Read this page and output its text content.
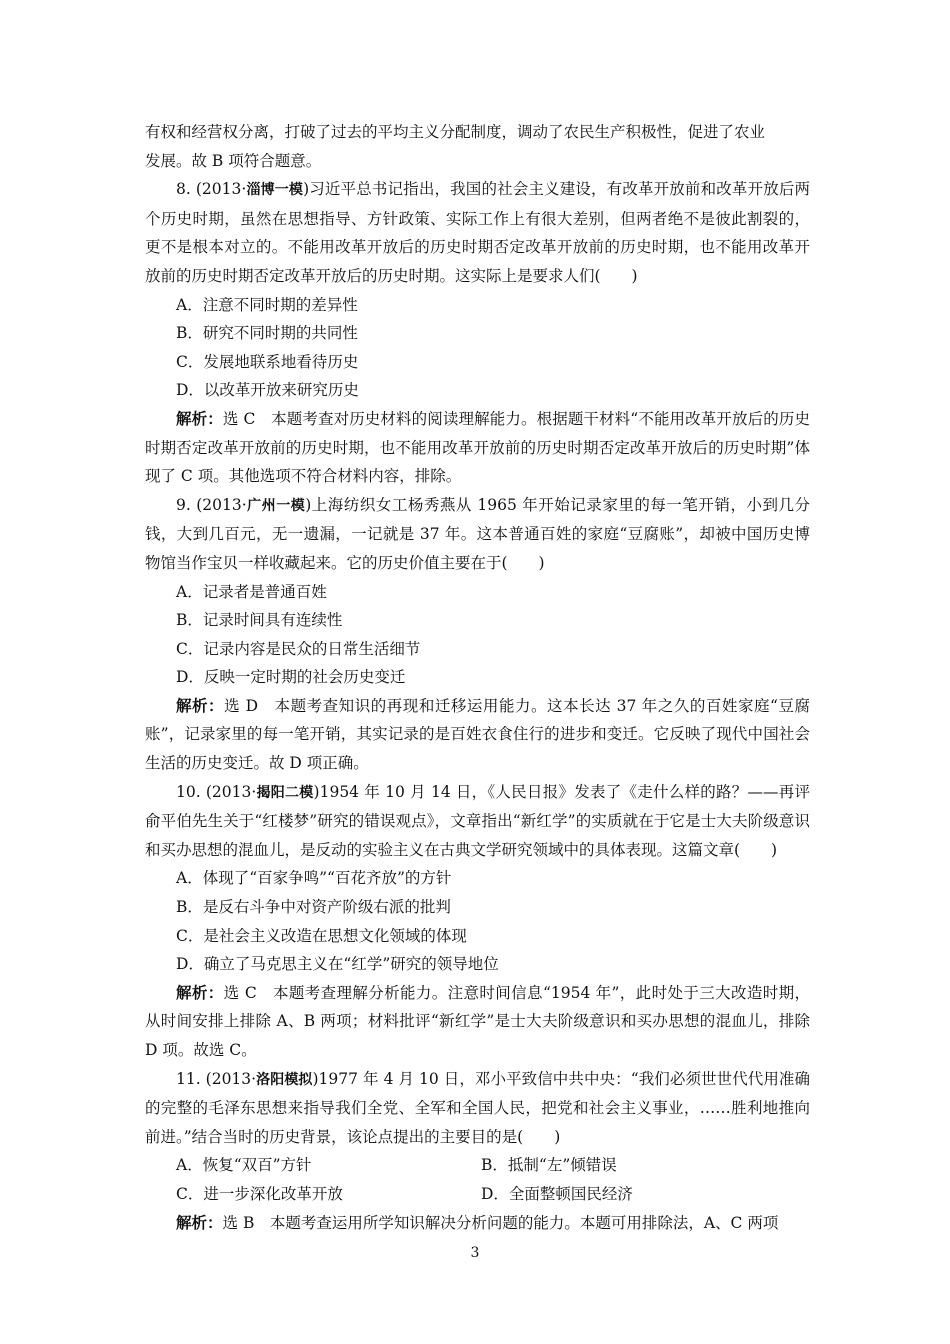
有权和经营权分离，打破了过去的平均主义分配制度，调动了农民生产积极性，促进了农业

发展。故 B 项符合题意。

8. (2013·淄博一模)习近平总书记指出，我国的社会主义建设，有改革开放前和改革开放后两个历史时期，虽然在思想指导、方针政策、实际工作上有很大差别，但两者绝不是彼此割裂的，更不是根本对立的。不能用改革开放后的历史时期否定改革开放前的历史时期，也不能用改革开放前的历史时期否定改革开放后的历史时期。这实际上是要求人们(　　)

A．注意不同时期的差异性

B．研究不同时期的共同性

C．发展地联系地看待历史

D．以改革开放来研究历史

解析：选 C　本题考查对历史材料的阅读理解能力。根据题干材料“不能用改革开放后的历史时期否定改革开放前的历史时期，也不能用改革开放前的历史时期否定改革开放后的历史时期”体现了 C 项。其他选项不符合材料内容，排除。

9. (2013·广州一模)上海纺织女工杨秀燕从 1965 年开始记录家里的每一笔开销，小到几分钱，大到几百元，无一遗漏，一记就是 37 年。这本普通百姓的家庭“豆腐账”，却被中国历史博物馆当作宝贝一样收藏起来。它的历史价值主要在于(　　)

A．记录者是普通百姓

B．记录时间具有连续性

C．记录内容是民众的日常生活细节

D．反映一定时期的社会历史变迁

解析：选 D　本题考查知识的再现和迁移运用能力。这本长达 37 年之久的百姓家庭“豆腐账”，记录家里的每一笔开销，其实记录的是百姓衣食住行的进步和变迁。它反映了现代中国社会生活的历史变迁。故 D 项正确。

10. (2013·揭阳二模)1954 年 10 月 14 日，《人民日报》发表了《走什么样的路？——再评俞平伯先生关于“红楼梦”研究的错误观点》，文章指出“新红学”的实质就在于它是士大夫阶级意识和买办思想的混血儿，是反动的实验主义在古典文学研究领域中的具体表现。这篇文章(　　)

A．体现了“百家争鸣”“百花齐放”的方针

B．是反右斗争中对资产阶级右派的批判

C．是社会主义改造在思想文化领域的体现

D．确立了马克思主义在“红学”研究的领导地位

解析：选 C　本题考查理解分析能力。注意时间信息“1954 年”，此时处于三大改造时期，从时间安排上排除 A、B 两项；材料批评“新红学”是士大夫阶级意识和买办思想的混血儿，排除 D 项。故选 C。

11. (2013·洛阳模拟)1977 年 4 月 10 日，邓小平致信中共中央：“我们必须世世代代用准确的完整的毛泽东思想来指导我们全党、全军和全国人民，把党和社会主义事业，……胜利地推向前进。”结合当时的历史背景，该论点提出的主要目的是(　　)

A．恢复“双百”方针	B．抵制“左”倾错误
C．进一步深化改革开放	D．全面整顿国民经济

解析：选 B　本题考查运用所学知识解决分析问题的能力。本题可用排除法，A、C 两项

3
